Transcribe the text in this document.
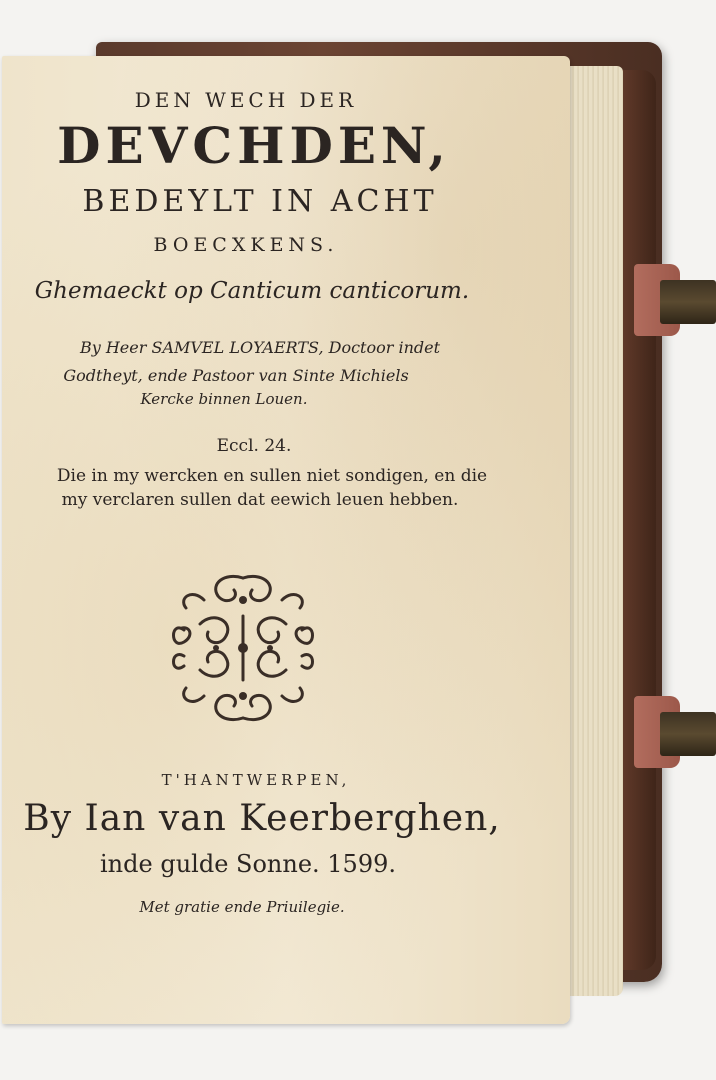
DEN WECH DER
DEVCHDEN,
BEDEYLT IN ACHT
BOECXKENS.
Ghemaeckt op Canticum canticorum.
By Heer SAMVEL LOYAERTS, Doctoor indet
Godtheyt, ende Pastoor van Sinte Michiels
Kercke binnen Louen.
Eccl. 24.
Die in my wercken en sullen niet sondigen, en die
my verclaren sullen dat eewich leuen hebben.
T'HANTWERPEN,
By Ian van Keerberghen,
inde gulde Sonne. 1599.
Met gratie ende Priuilegie.
